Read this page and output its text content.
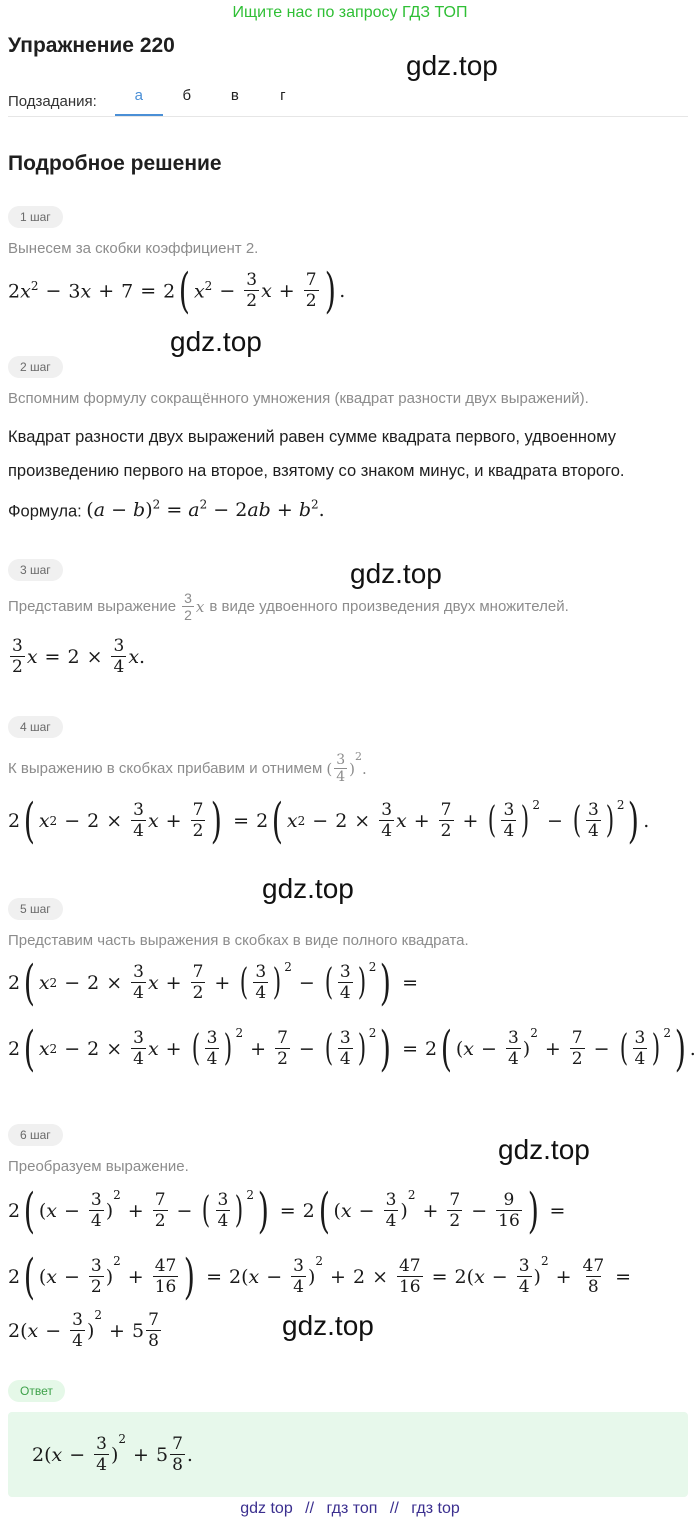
Ищите нас по запросу ГДЗ ТОП
Упражнение 220
gdz.top
Подзадания:	а	б	в	г
Подробное решение
1 шаг
Вынесем за скобки коэффициент 2.
$2x^2 - 3x + 7 = 2$ ( $x^2 - \frac{3}{2}$ $x + \frac{7}{2}$ ) .
gdz.top
2 шаг
Вспомним формулу сокращённого умножения (квадрат разности двух выражений).
Квадрат разности двух выражений равен сумме квадрата первого, удвоенному произведению первого на второе, взятому со знаком минус, и квадрата второго. Формула: $(a - b)^2 = a^2 - 2ab + b^2$.
3 шаг	gdz.top
Представим выражение $\frac{3}{2}$ x в виде удвоенного произведения двух множителей.
$\frac{3}{2}$ $x = 2 \times \frac{3}{4}$ x .
4 шаг
К выражению в скобках прибавим и отнимем ( $\frac{3}{4}$ )
$^2$
.
2 ( x $2 - 2 \times \frac{3}{4}$ $x + \frac{7}{2}$ ) = 2 ( x $2 - 2 \times \frac{3}{4}$ $x + \frac{7}{2}$ + ( $\frac{3}{4} )^2$
− ( $\frac{3}{4} )^2$ ) .
gdz.top
5 шаг
Представим часть выражения в скобках в виде полного квадрата.
2 ( x $2 - 2 \times \frac{3}{4}$ $x + \frac{7}{2}$ + ( $\frac{3}{4} )^2$
− ( $\frac{3}{4} )^2$ ) =
2 ( x $2 - 2 \times \frac{3}{4}$ x + ( $\frac{3}{4} )^2$
+ $\frac{7}{2}$ − ( $\frac{3}{4} )^2$ ) = 2 ( ( $x - \frac{3}{4}$ )
$^2$
+ $\frac{7}{2}$ − ( $\frac{3}{4} )^2$ ) .
6 шаг	gdz.top
Преобразуем выражение.
2 ( ( $x - \frac{3}{4}$ )
$^2$
+ $\frac{7}{2}$ − ( $\frac{3}{4} )^2$ ) = 2 ( ( $x - \frac{3}{4}$ )
$^2$
+ $\frac{7}{2} - \frac{9}{16}$ ) =
2 ( ( $x - \frac{3}{2}$ )
$^2$
+ $\frac{47}{16}$ ) = 2( $x - \frac{3}{4}$ )
$^2$
+ $2 \times \frac{47}{16} = 2$( $x - \frac{3}{4}$ )
$^2$
+ $\frac{47}{8}$ =
$2(x - \frac{3}{4}$ )
$^2$
+ $5 \frac{7}{8}$	gdz.top
Ответ
$2(x - \frac{3}{4}$ )
$^2$
+ $5 \frac{7}{8}$ .
gdz top // гдз топ // гдз top
